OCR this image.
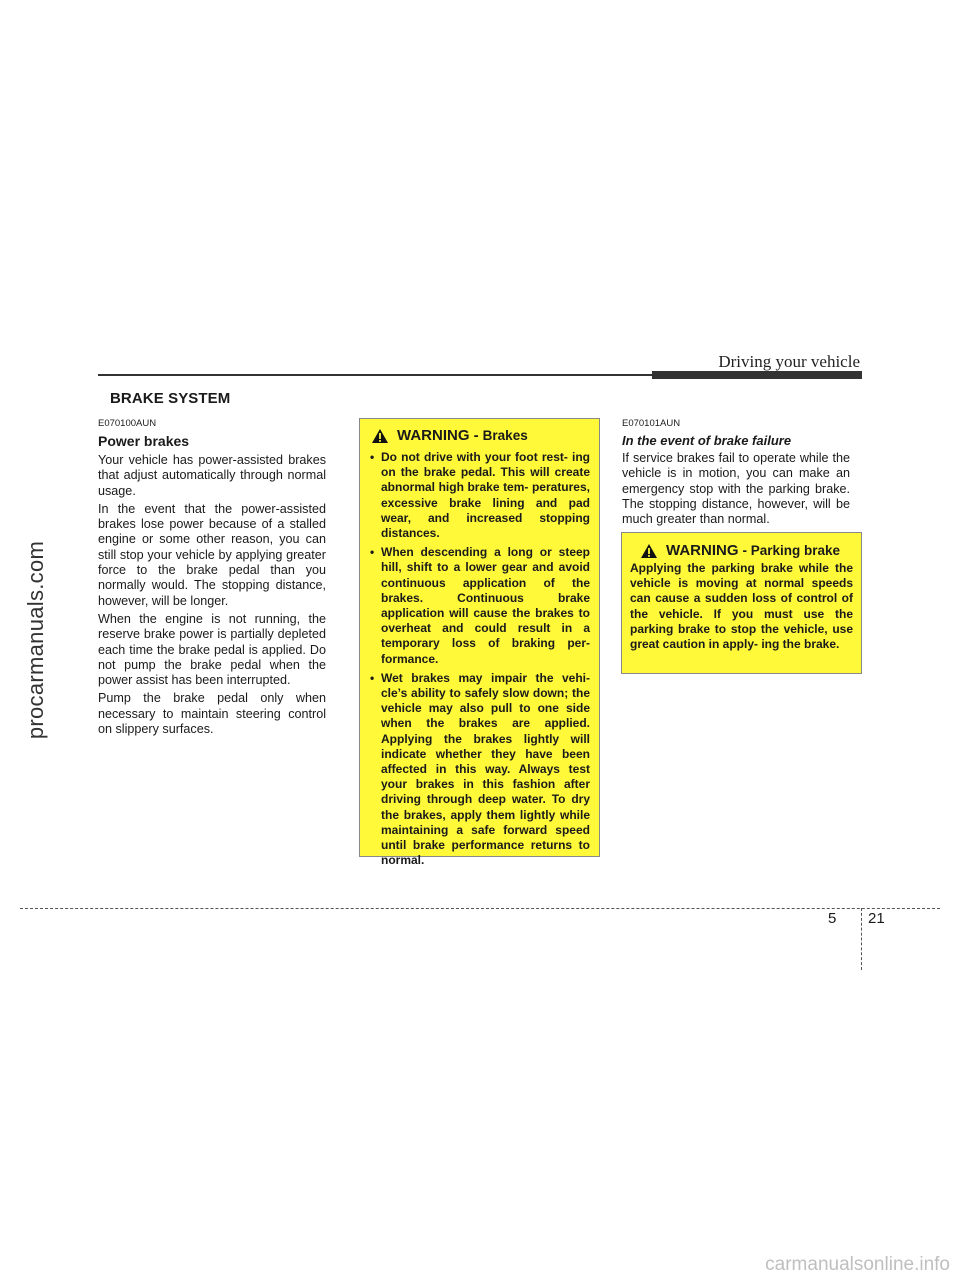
Driving your vehicle
BRAKE SYSTEM
E070100AUN
Power brakes

Your vehicle has power-assisted brakes that adjust automatically through normal usage.

In the event that the power-assisted brakes lose power because of a stalled engine or some other reason, you can still stop your vehicle by applying greater force to the brake pedal than you normally would. The stopping distance, however, will be longer.

When the engine is not running, the reserve brake power is partially depleted each time the brake pedal is applied. Do not pump the brake pedal when the power assist has been interrupted.

Pump the brake pedal only when necessary to maintain steering control on slippery surfaces.

WARNING - Brakes
• Do not drive with your foot rest- ing on the brake pedal. This will create abnormal high brake tem- peratures, excessive brake lining and pad wear, and increased stopping distances.
• When descending a long or steep hill, shift to a lower gear and avoid continuous application of the brakes. Continuous brake application will cause the brakes to overheat and could result in a temporary loss of braking per- formance.
• Wet brakes may impair the vehi- cle’s ability to safely slow down; the vehicle may also pull to one side when the brakes are applied. Applying the brakes lightly will indicate whether they have been affected in this way. Always test your brakes in this fashion after driving through deep water. To dry the brakes, apply them lightly while maintaining a safe forward speed until brake performance returns to normal.
E070101AUN
In the event of brake failure

If service brakes fail to operate while the vehicle is in motion, you can make an emergency stop with the parking brake. The stopping distance, however, will be much greater than normal.

WARNING - Parking brake

Applying the parking brake while the vehicle is moving at normal speeds can cause a sudden loss of control of the vehicle. If you must use the parking brake to stop the vehicle, use great caution in apply- ing the brake.

5 21
procarmanuals.com
carmanualsonline.info
